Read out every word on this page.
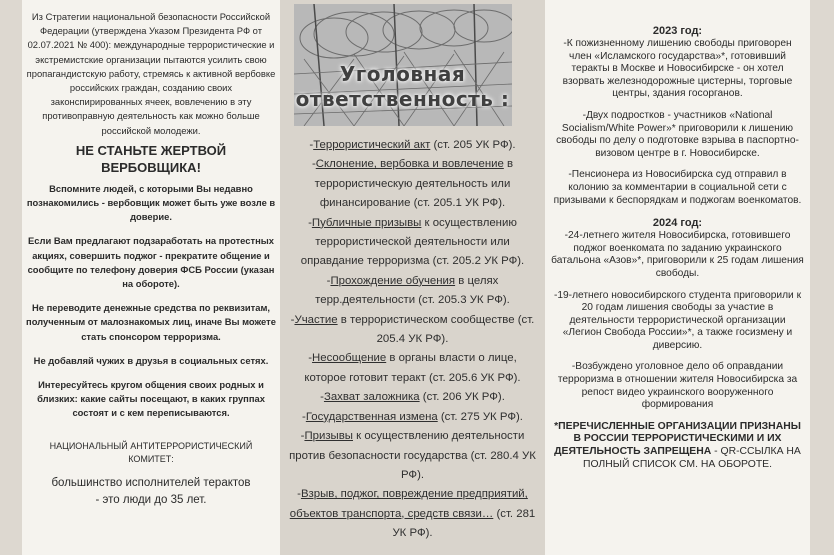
Из Стратегии национальной безопасности Российской Федерации (утверждена Указом Президента РФ от 02.07.2021 № 400): международные террористические и экстремистские организации пытаются усилить свою пропагандистскую работу, стремясь к активной вербовке российских граждан, созданию своих законспирированных ячеек, вовлечению в эту противоправную деятельность как можно больше российской молодежи.

НЕ СТАНЬТЕ ЖЕРТВОЙ ВЕРБОВЩИКА!

Вспомните людей, с которыми Вы недавно познакомились - вербовщик может быть уже возле в доверие.

Если Вам предлагают подзаработать на протестных акциях, совершить поджог - прекратите общение и сообщите по телефону доверия ФСБ России (указан на обороте).

Не переводите денежные средства по реквизитам, полученным от малознакомых лиц, иначе Вы можете стать спонсором терроризма.

Не добавляй чужих в друзья в социальных сетях.

Интересуйтесь кругом общения своих родных и близких: какие сайты посещают, в каких группах состоят и с кем переписываются.

НАЦИОНАЛЬНЫЙ АНТИТЕРРОРИСТИЧЕСКИЙ КОМИТЕТ:

большинство исполнителей терактов

- это люди до 35 лет.

Уголовная
ответственность :

-Террористический акт (ст. 205 УК РФ).

-Склонение, вербовка и вовлечение в террористическую деятельность или финансирование (ст. 205.1 УК РФ).

-Публичные призывы к осуществлению террористической деятельности или оправдание терроризма (ст. 205.2 УК РФ).

-Прохождение обучения в целях терр.деятельности (ст. 205.3 УК РФ).

-Участие в террористическом сообществе (ст. 205.4 УК РФ).

-Несообщение в органы власти о лице, которое готовит теракт (ст. 205.6 УК РФ).

-Захват заложника (ст. 206 УК РФ).

-Государственная измена (ст. 275 УК РФ).

-Призывы к осуществлению деятельности против безопасности государства (ст. 280.4 УК РФ).

-Взрыв, поджог, повреждение предприятий, объектов транспорта, средств связи… (ст. 281 УК РФ).

2023 год:

-К пожизненному лишению свободы приговорен член «Исламского государства»*, готовивший теракты в Москве и Новосибирске - он хотел взорвать железнодорожные цистерны, торговые центры, здания госорганов.

-Двух подростков - участников «National Socialism/White Power»* приговорили к лишению свободы по делу о подготовке взрыва в паспортно-визовом центре в г. Новосибирске.

-Пенсионера из Новосибирска суд отправил в колонию за комментарии в социальной сети с призывами к беспорядкам и поджогам военкоматов.

2024 год:

-24-летнего жителя Новосибирска, готовившего поджог военкомата по заданию украинского батальона «Азов»*, приговорили к 25 годам лишения свободы.

-19-летнего новосибирского студента приговорили к 20 годам лишения свободы за участие в деятельности террористической организации «Легион Свобода России»*, а также госизмену и диверсию.

-Возбуждено уголовное дело об оправдании терроризма в отношении жителя Новосибирска за репост видео украинского вооруженного формирования

*ПЕРЕЧИСЛЕННЫЕ ОРГАНИЗАЦИИ ПРИЗНАНЫ В РОССИИ ТЕРРОРИСТИЧЕСКИМИ И ИХ ДЕЯТЕЛЬНОСТЬ ЗАПРЕЩЕНА - QR-ССЫЛКА НА ПОЛНЫЙ СПИСОК СМ. НА ОБОРОТЕ.
